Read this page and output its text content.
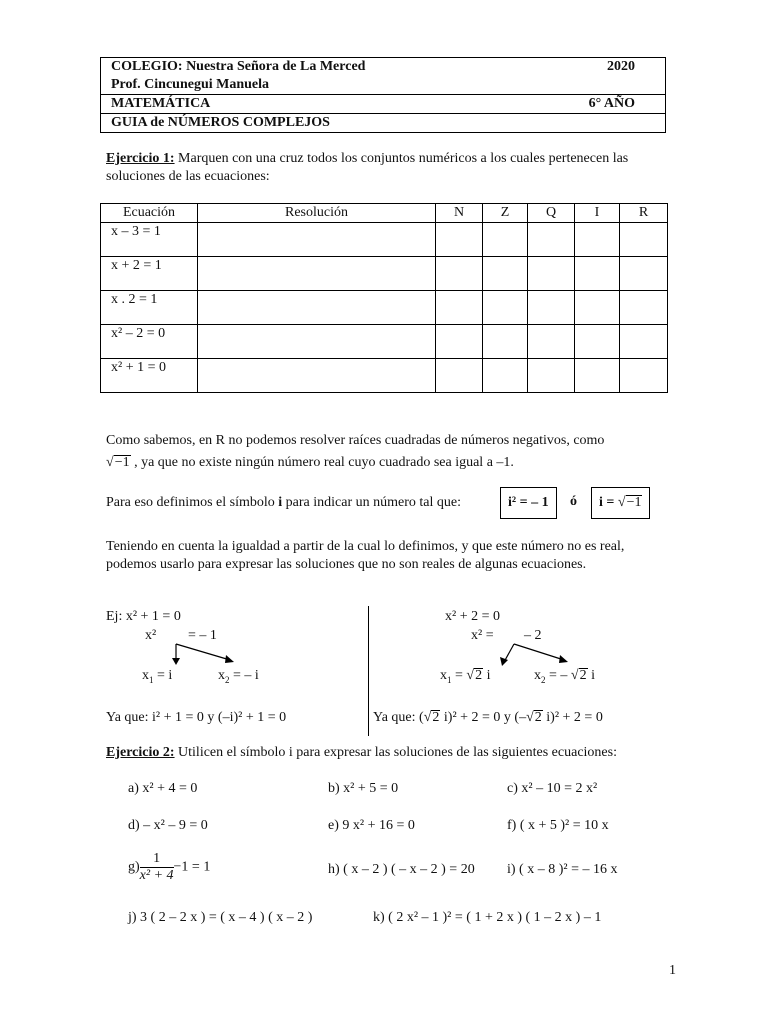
COLEGIO: Nuestra Señora de La Merced	2020
Prof. Cincunegui Manuela
MATEMÁTICA	6° AÑO
GUIA de NÚMEROS COMPLEJOS
Ejercicio 1: Marquen con una cruz todos los conjuntos numéricos a los cuales pertenecen las
soluciones de las ecuaciones:
Ecuación	Resolución	N	Z	Q	I	R
x – 3 = 1						
x + 2 = 1						
x . 2 = 1						
x² – 2 = 0						
x² + 1 = 0						
Como sabemos, en R no podemos resolver raíces cuadradas de números negativos, como
√−1 , ya que no existe ningún número real cuyo cuadrado sea igual a –1.
Para eso definimos el símbolo i para indicar un número tal que:	i² = – 1	ó	i = √−1
Teniendo en cuenta la igualdad a partir de la cual lo definimos, y que este número no es real,
podemos usarlo para expresar las soluciones que no son reales de algunas ecuaciones.
Ej: x² + 1 = 0
x² = – 1
$x_1 = i$	$x_2$ = – i
Ya que: i² + 1 = 0 y (–i)² + 1 = 0
x² + 2 = 0
x² = – 2
$x_1 = √2$ i	$x_2$ = – √2 i
Ya que: (√2 i)² + 2 = 0 y (–√2 i)² + 2 = 0
Ejercicio 2: Utilicen el símbolo i para expresar las soluciones de las siguientes ecuaciones:
a) x² + 4 = 0	b) x² + 5 = 0	c) x² – 10 = 2 x²
d) – x² – 9 = 0	e) 9 x² + 16 = 0	f) ( x + 5 )² = 10 x
$g) \frac{1}{\text{x² + 4}} -1 = 1$	h) ( x – 2 ) ( – x – 2 ) = 20 i) ( x – 8 )² = – 16 x
j) 3 ( 2 – 2 x ) = ( x – 4 ) ( x – 2 )	k) ( 2 x² – 1 )² = ( 1 + 2 x ) ( 1 – 2 x ) – 1
1
